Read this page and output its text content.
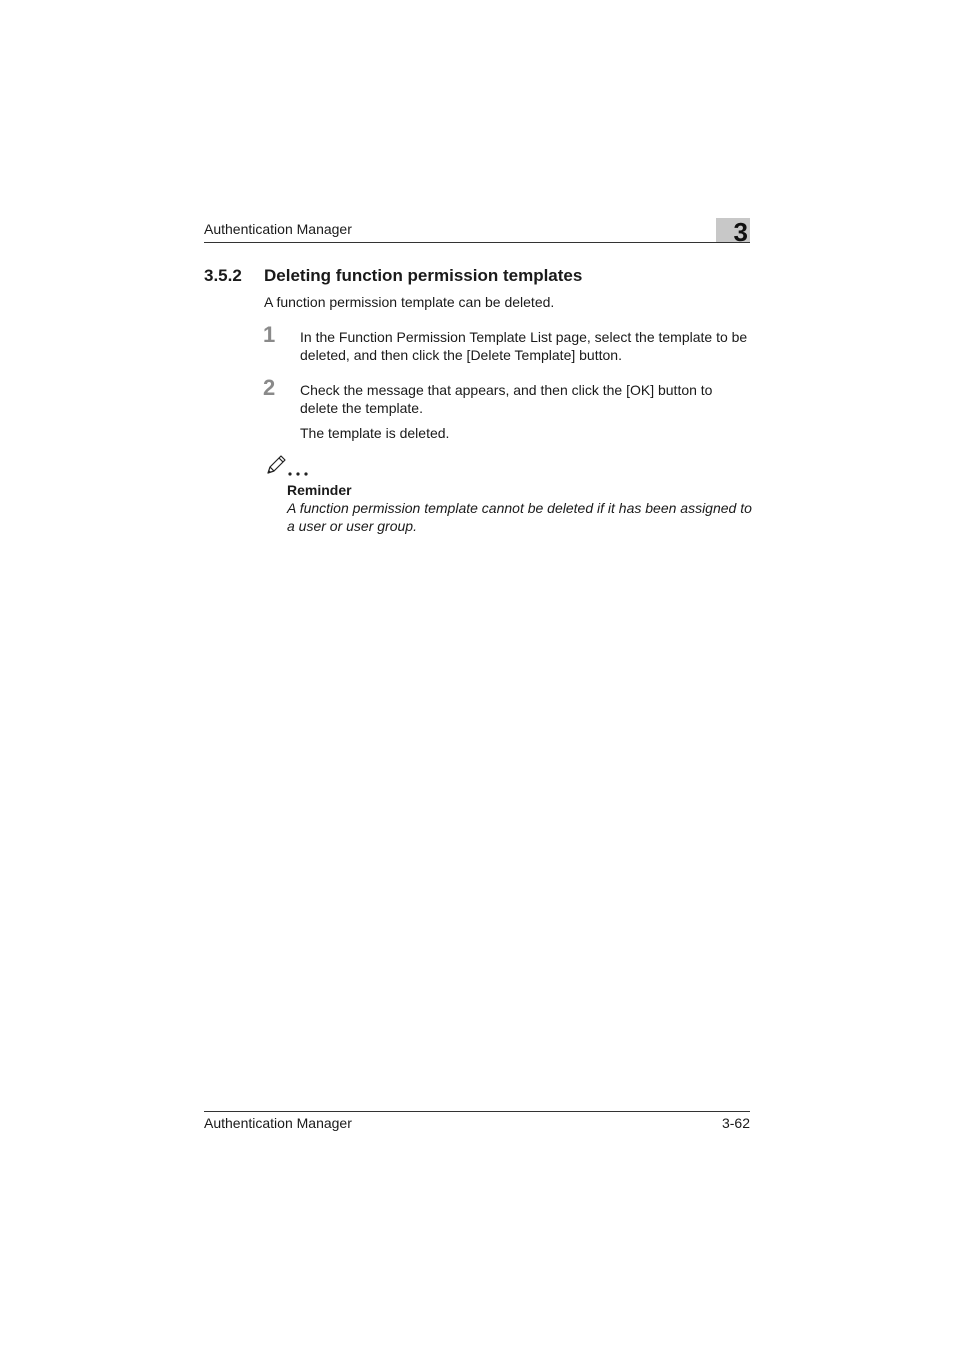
Authentication Manager	3
3.5.2 Deleting function permission templates
A function permission template can be deleted.
1 In the Function Permission Template List page, select the template to be deleted, and then click the [Delete Template] button.
2 Check the message that appears, and then click the [OK] button to delete the template.
The template is deleted.
Reminder
A function permission template cannot be deleted if it has been assigned to a user or user group.
Authentication Manager	3-62
